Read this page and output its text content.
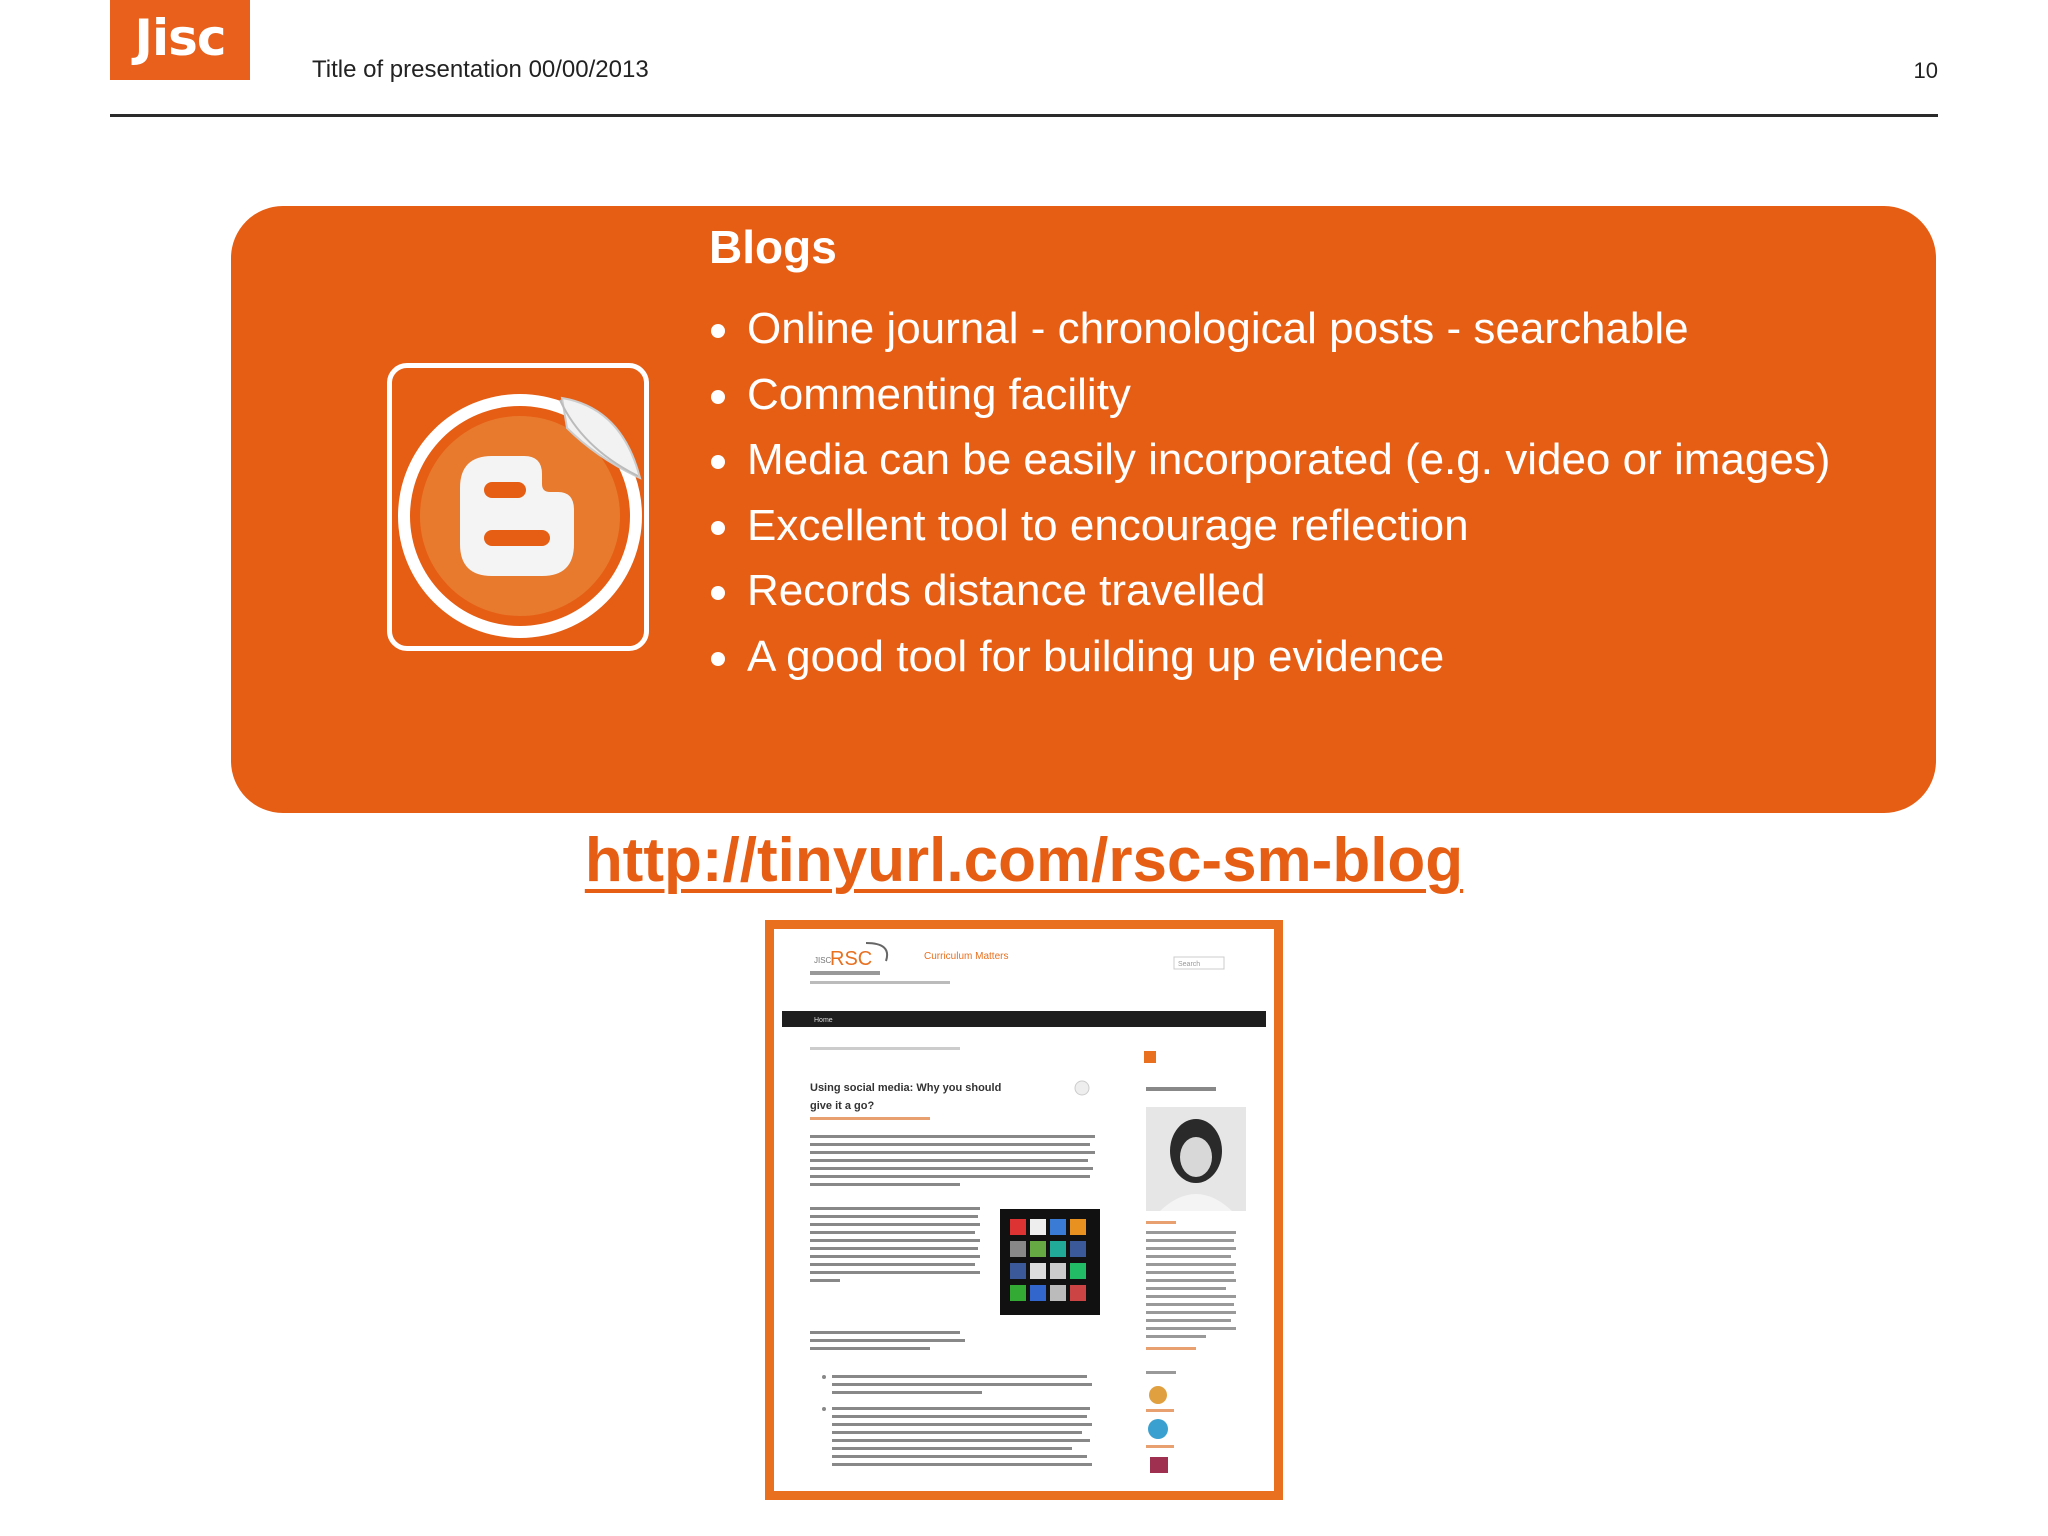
Jisc
Title of presentation 00/00/2013	10
Blogs
Online journal - chronological posts - searchable
Commenting facility
Media can be easily incorporated (e.g. video or images)
Excellent tool to encourage reflection
Records distance travelled
A good tool for building up evidence
http://tinyurl.com/rsc-sm-blog
JISC
RSC	Curriculum Matters
Search
Home
Using social media: Why you should
give it a go?
